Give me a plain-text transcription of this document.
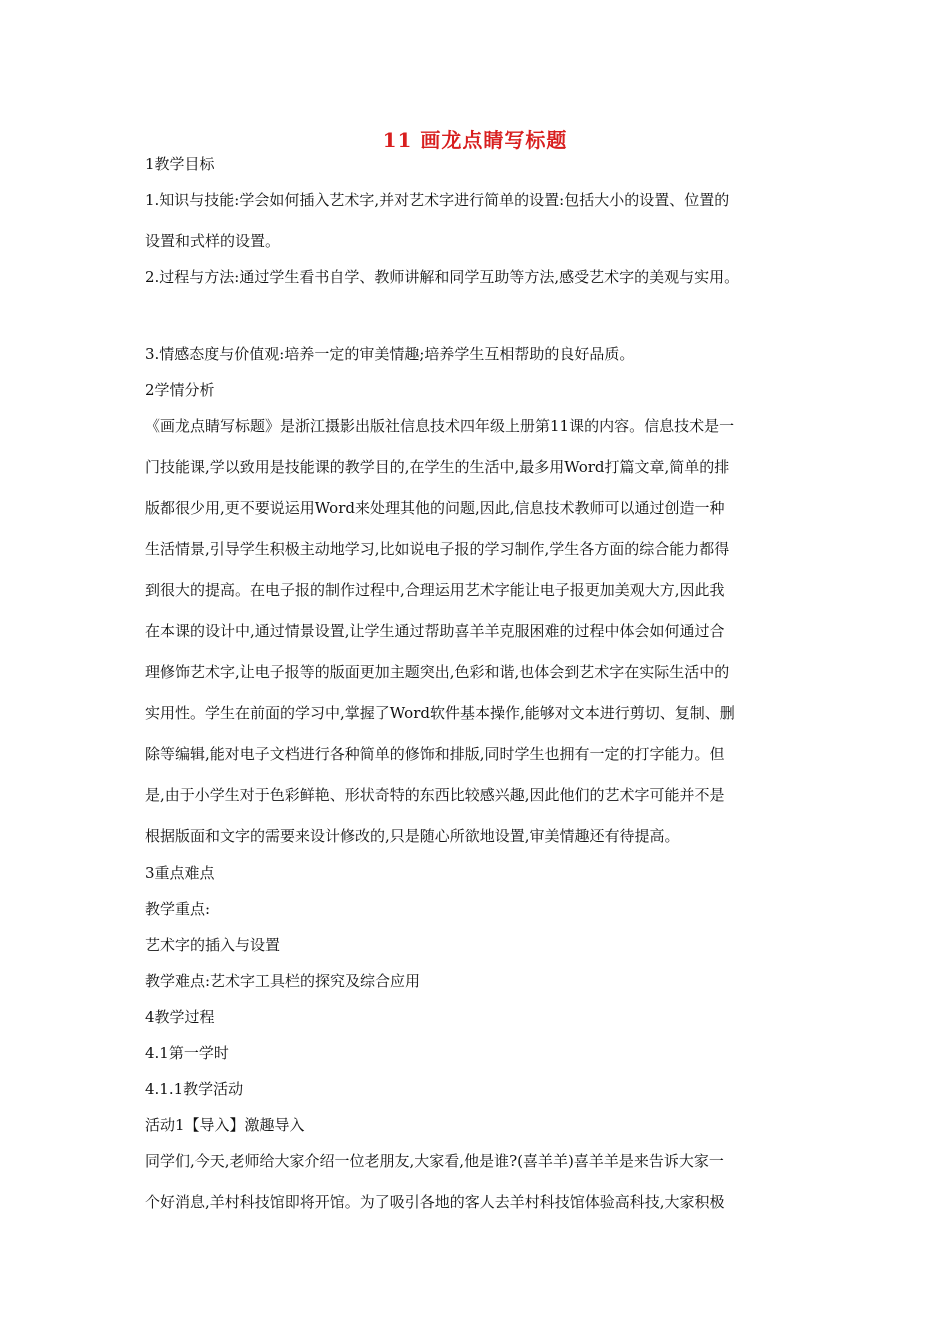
11 画龙点睛写标题
1教学目标
1.知识与技能:学会如何插入艺术字,并对艺术字进行简单的设置:包括大小的设置、位置的
设置和式样的设置。
2.过程与方法:通过学生看书自学、教师讲解和同学互助等方法,感受艺术字的美观与实用。
3.情感态度与价值观:培养一定的审美情趣;培养学生互相帮助的良好品质。
2学情分析
《画龙点睛写标题》是浙江摄影出版社信息技术四年级上册第11课的内容。信息技术是一
门技能课,学以致用是技能课的教学目的,在学生的生活中,最多用Word打篇文章,简单的排
版都很少用,更不要说运用Word来处理其他的问题,因此,信息技术教师可以通过创造一种
生活情景,引导学生积极主动地学习,比如说电子报的学习制作,学生各方面的综合能力都得
到很大的提高。在电子报的制作过程中,合理运用艺术字能让电子报更加美观大方,因此我
在本课的设计中,通过情景设置,让学生通过帮助喜羊羊克服困难的过程中体会如何通过合
理修饰艺术字,让电子报等的版面更加主题突出,色彩和谐,也体会到艺术字在实际生活中的
实用性。学生在前面的学习中,掌握了Word软件基本操作,能够对文本进行剪切、复制、删
除等编辑,能对电子文档进行各种简单的修饰和排版,同时学生也拥有一定的打字能力。但
是,由于小学生对于色彩鲜艳、形状奇特的东西比较感兴趣,因此他们的艺术字可能并不是
根据版面和文字的需要来设计修改的,只是随心所欲地设置,审美情趣还有待提高。
3重点难点
教学重点:
艺术字的插入与设置
教学难点:艺术字工具栏的探究及综合应用
4教学过程
4.1第一学时
4.1.1教学活动
活动1【导入】激趣导入
同学们,今天,老师给大家介绍一位老朋友,大家看,他是谁?(喜羊羊)喜羊羊是来告诉大家一
个好消息,羊村科技馆即将开馆。为了吸引各地的客人去羊村科技馆体验高科技,大家积极
